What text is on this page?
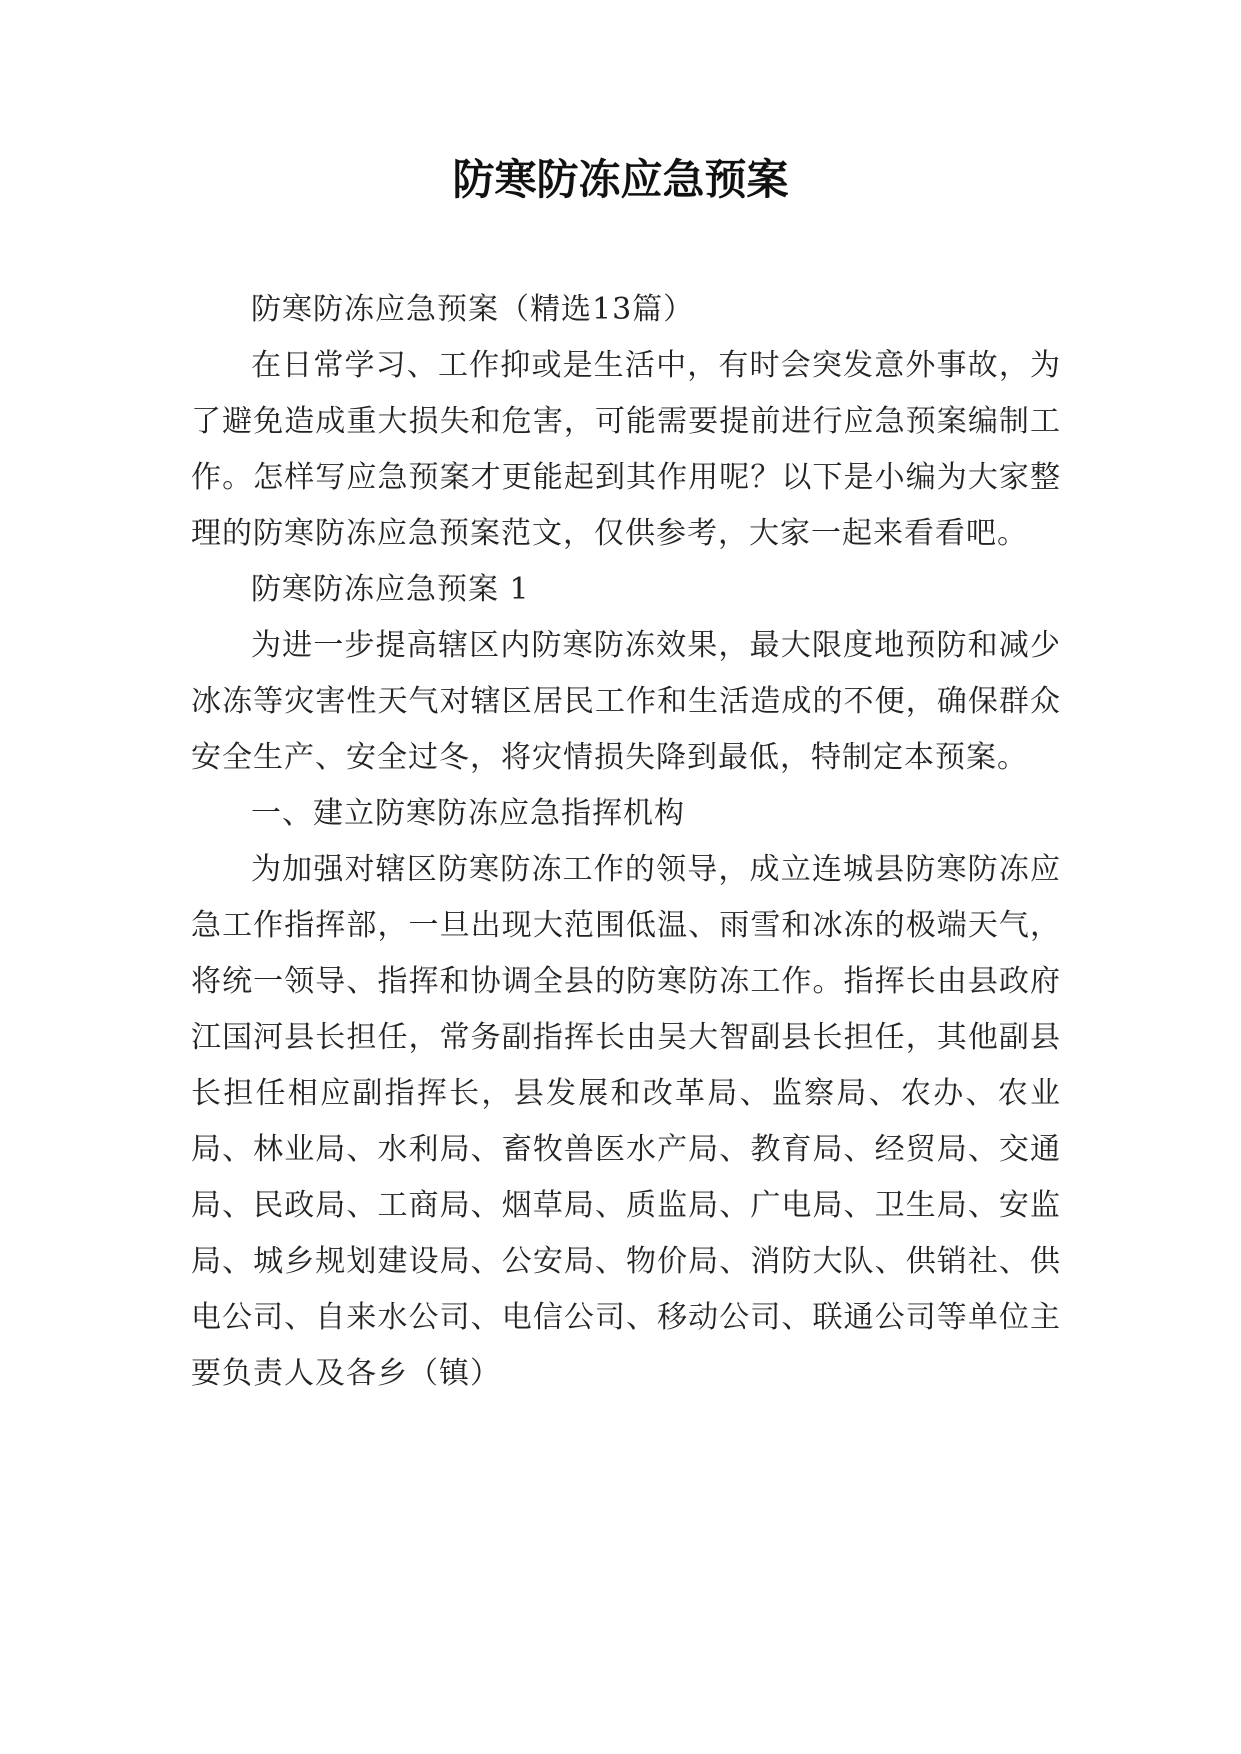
防寒防冻应急预案

防寒防冻应急预案（精选13篇）

在日常学习、工作抑或是生活中，有时会突发意外事故，为了避免造成重大损失和危害，可能需要提前进行应急预案编制工作。怎样写应急预案才更能起到其作用呢？以下是小编为大家整理的防寒防冻应急预案范文，仅供参考，大家一起来看看吧。

防寒防冻应急预案 1

为进一步提高辖区内防寒防冻效果，最大限度地预防和减少冰冻等灾害性天气对辖区居民工作和生活造成的不便，确保群众安全生产、安全过冬，将灾情损失降到最低，特制定本预案。

一、建立防寒防冻应急指挥机构

为加强对辖区防寒防冻工作的领导，成立连城县防寒防冻应急工作指挥部，一旦出现大范围低温、雨雪和冰冻的极端天气，将统一领导、指挥和协调全县的防寒防冻工作。指挥长由县政府江国河县长担任，常务副指挥长由吴大智副县长担任，其他副县长担任相应副指挥长，县发展和改革局、监察局、农办、农业局、林业局、水利局、畜牧兽医水产局、教育局、经贸局、交通局、民政局、工商局、烟草局、质监局、广电局、卫生局、安监局、城乡规划建设局、公安局、物价局、消防大队、供销社、供电公司、自来水公司、电信公司、移动公司、联通公司等单位主要负责人及各乡（镇）
